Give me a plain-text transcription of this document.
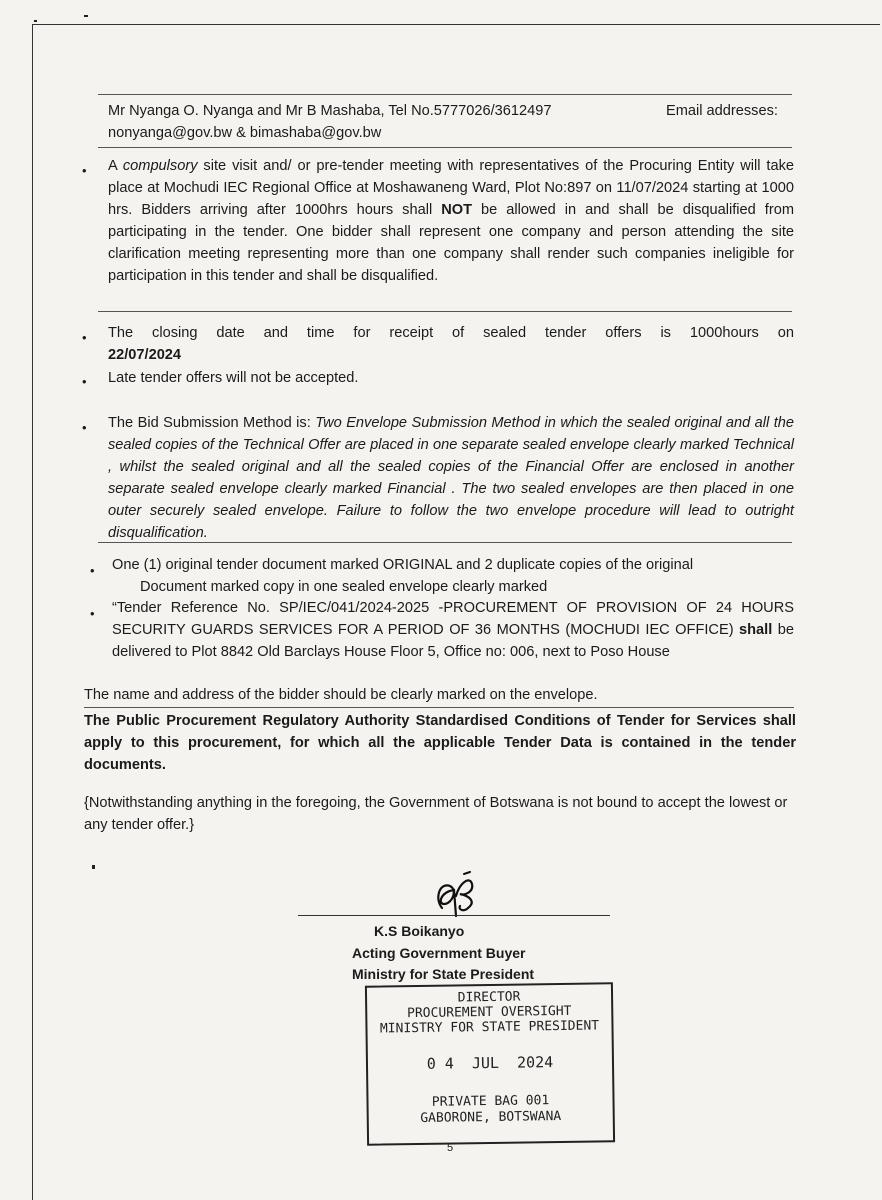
Mr Nyanga O. Nyanga and Mr B Mashaba, Tel No.5777026/3612497	Email addresses:
nonyanga@gov.bw & bimashaba@gov.bw
• A compulsory site visit and/ or pre-tender meeting with representatives of the Procuring Entity will take place at Mochudi IEC Regional Office at Moshawaneng Ward, Plot No:897 on 11/07/2024 starting at 1000 hrs. Bidders arriving after 1000hrs hours shall NOT be allowed in and shall be disqualified from participating in the tender. One bidder shall represent one company and person attending the site clarification meeting representing more than one company shall render such companies ineligible for participation in this tender and shall be disqualified.
• The closing date and time for receipt of sealed tender offers is 1000hours on
22/07/2024
• Late tender offers will not be accepted.
• The Bid Submission Method is: Two Envelope Submission Method in which the sealed original and all the sealed copies of the Technical Offer are placed in one separate sealed envelope clearly marked Technical , whilst the sealed original and all the sealed copies of the Financial Offer are enclosed in another separate sealed envelope clearly marked Financial . The two sealed envelopes are then placed in one outer securely sealed envelope. Failure to follow the two envelope procedure will lead to outright disqualification.
• One (1) original tender document marked ORIGINAL and 2 duplicate copies of the original
Document marked copy in one sealed envelope clearly marked
• “Tender Reference No. SP/IEC/041/2024-2025 -PROCUREMENT OF PROVISION OF 24 HOURS SECURITY GUARDS SERVICES FOR A PERIOD OF 36 MONTHS (MOCHUDI IEC OFFICE) shall be delivered to Plot 8842 Old Barclays House Floor 5, Office no: 006, next to Poso House
The name and address of the bidder should be clearly marked on the envelope.
The Public Procurement Regulatory Authority Standardised Conditions of Tender for Services shall apply to this procurement, for which all the applicable Tender Data is contained in the tender documents.
{Notwithstanding anything in the foregoing, the Government of Botswana is not bound to accept the lowest or any tender offer.}
K.S Boikanyo
Acting Government Buyer
Ministry for State President
DIRECTOR
PROCUREMENT OVERSIGHT
MINISTRY FOR STATE PRESIDENT
0 4  JUL  2024
PRIVATE BAG 001
GABORONE, BOTSWANA
5
